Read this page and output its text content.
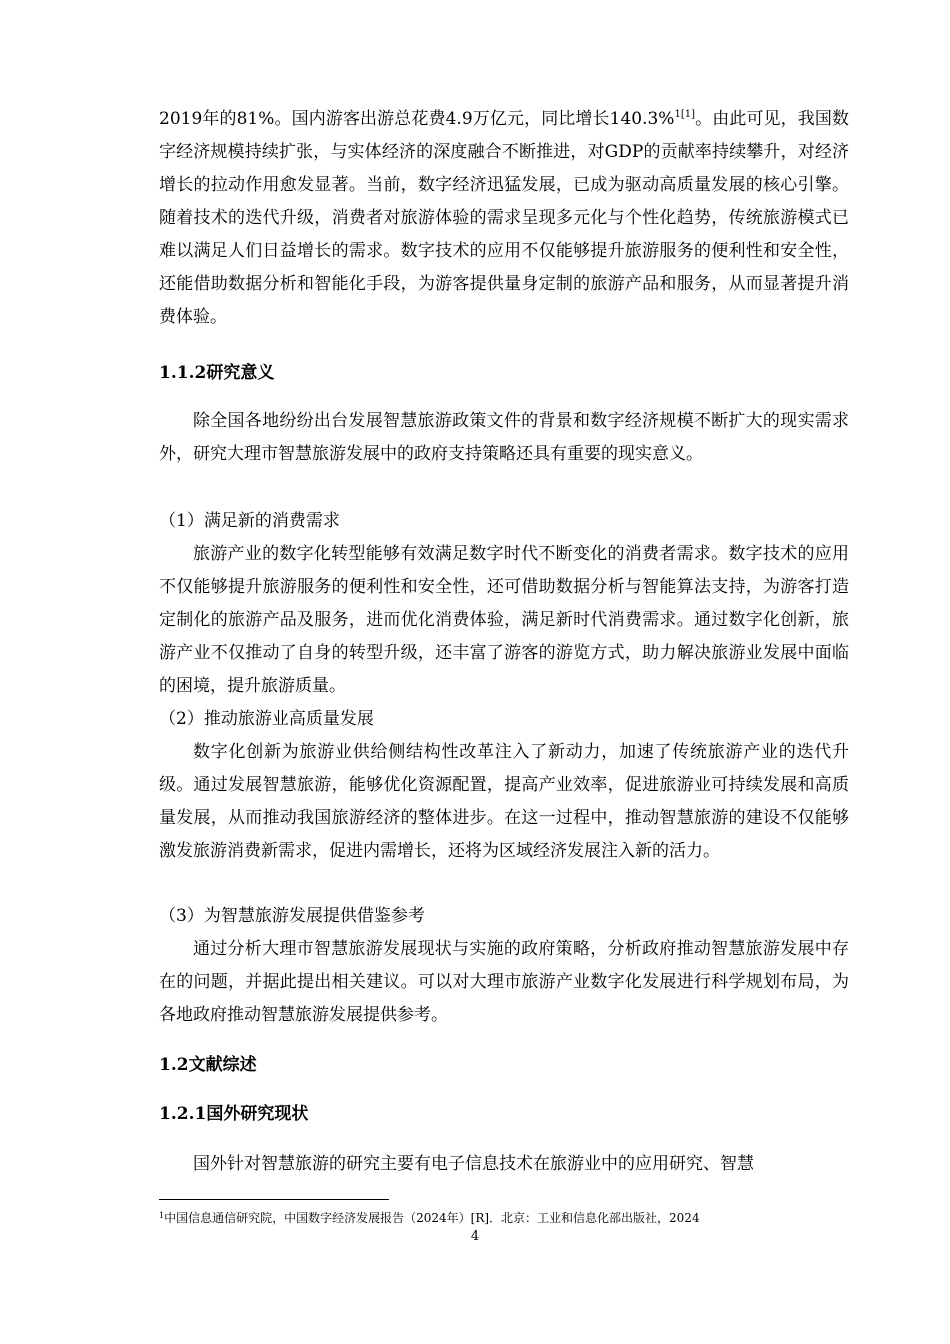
2019年的81%。国内游客出游总花费4.9万亿元，同比增长140.3%$^{1[1]}$。由此可见，我国数字经济规模持续扩张，与实体经济的深度融合不断推进，对GDP的贡献率持续攀升，对经济增长的拉动作用愈发显著。当前，数字经济迅猛发展，已成为驱动高质量发展的核心引擎。随着技术的迭代升级，消费者对旅游体验的需求呈现多元化与个性化趋势，传统旅游模式已难以满足人们日益增长的需求。数字技术的应用不仅能够提升旅游服务的便利性和安全性，还能借助数据分析和智能化手段，为游客提供量身定制的旅游产品和服务，从而显著提升消费体验。

1.1.2研究意义

除全国各地纷纷出台发展智慧旅游政策文件的背景和数字经济规模不断扩大的现实需求外，研究大理市智慧旅游发展中的政府支持策略还具有重要的现实意义。

（1）满足新的消费需求

旅游产业的数字化转型能够有效满足数字时代不断变化的消费者需求。数字技术的应用不仅能够提升旅游服务的便利性和安全性，还可借助数据分析与智能算法支持，为游客打造定制化的旅游产品及服务，进而优化消费体验，满足新时代消费需求。通过数字化创新，旅游产业不仅推动了自身的转型升级，还丰富了游客的游览方式，助力解决旅游业发展中面临的困境，提升旅游质量。

（2）推动旅游业高质量发展

数字化创新为旅游业供给侧结构性改革注入了新动力，加速了传统旅游产业的迭代升级。通过发展智慧旅游，能够优化资源配置，提高产业效率，促进旅游业可持续发展和高质量发展，从而推动我国旅游经济的整体进步。在这一过程中，推动智慧旅游的建设不仅能够激发旅游消费新需求，促进内需增长，还将为区域经济发展注入新的活力。

（3）为智慧旅游发展提供借鉴参考

通过分析大理市智慧旅游发展现状与实施的政府策略，分析政府推动智慧旅游发展中存在的问题，并据此提出相关建议。可以对大理市旅游产业数字化发展进行科学规划布局，为各地政府推动智慧旅游发展提供参考。

1.2文献综述
1.2.1国外研究现状

国外针对智慧旅游的研究主要有电子信息技术在旅游业中的应用研究、智慧

$^1$中国信息通信研究院，中国数字经济发展报告（2024年）[R]．北京：工业和信息化部出版社，2024
4
